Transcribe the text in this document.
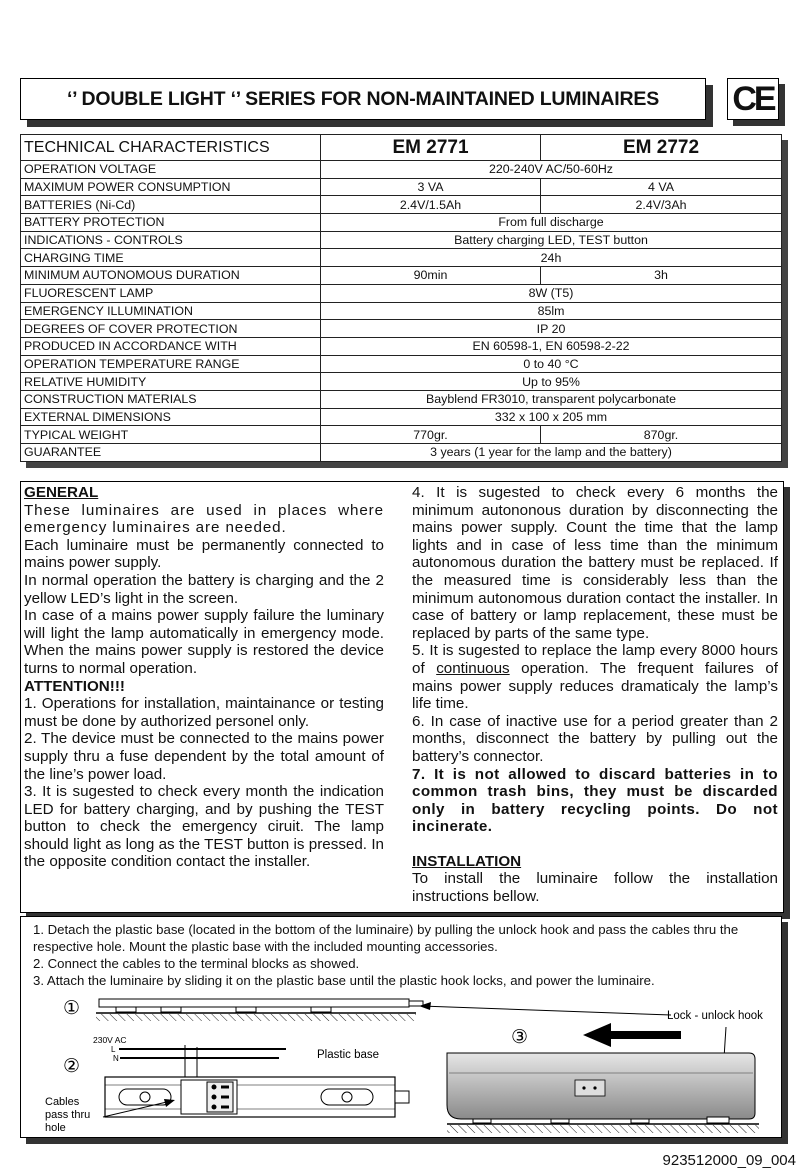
‘’ DOUBLE LIGHT ‘’ SERIES FOR NON-MAINTAINED LUMINAIRES CE
TECHNICAL CHARACTERISTICS	EM 2771	EM 2772
OPERATION VOLTAGE	220-240V AC/50-60Hz	
MAXIMUM POWER CONSUMPTION	3 VA	4 VA
BATTERIES (Ni-Cd)	2.4V/1.5Ah	2.4V/3Ah
BATTERY PROTECTION	From full discharge	
INDICATIONS - CONTROLS	Battery charging LED, TEST button	
CHARGING TIME	24h	
MINIMUM AUTONOMOUS DURATION	90min	3h
FLUORESCENT LAMP	8W (T5)	
EMERGENCY ILLUMINATION	85lm	
DEGREES OF COVER PROTECTION	IP 20	
PRODUCED IN ACCORDANCE WITH	EN 60598-1, EN 60598-2-22	
OPERATION TEMPERATURE RANGE	0 to 40 °C	
RELATIVE HUMIDITY	Up to 95%	
CONSTRUCTION MATERIALS	Bayblend FR3010, transparent polycarbonate	
EXTERNAL DIMENSIONS	332 x 100 x 205 mm	
TYPICAL WEIGHT	770gr.	870gr.
GUARANTEE	3 years (1 year for the lamp and the battery)	

GENERAL

These luminaires are used in places where emergency luminaires are needed.

Each luminaire must be permanently connected to mains power supply.

In normal operation the battery is charging and the 2 yellow LED’s light in the screen.

In case of a mains power supply failure the luminary will light the lamp automatically in emergency mode. When the mains power supply is restored the device turns to normal operation.

ATTENTION!!!

1. Operations for installation, maintainance or testing must be done by authorized personel only.

2. The device must be connected to the mains power supply thru a fuse dependent by the total amount of the line’s power load.

3. It is sugested to check every month the indication LED for battery charging, and by pushing the TEST button to check the emergency ciruit. The lamp should light as long as the TEST button is pressed. In the opposite condition contact the installer.

4. It is sugested to check every 6 months the minimum autononous duration by disconnecting the mains power supply. Count the time that the lamp lights and in case of less time than the minimum autonomous duration the battery must be replaced. If the measured time is considerably less than the minimum autonomous duration contact the installer. In case of battery or lamp replacement, these must be replaced by parts of the same type.

5. It is sugested to replace the lamp every 8000 hours of continuous operation. The frequent failures of mains power supply reduces dramaticaly the lamp’s life time.

6. In case of inactive use for a period greater than 2 months, disconnect the battery by pulling out the battery’s connector.

7. It is not allowed to discard batteries in to common trash bins, they must be discarded only in battery recycling points. Do not incinerate.

INSTALLATION

To install the luminaire follow the installation instructions bellow.

1. Detach the plastic base (located in the bottom of the luminaire) by pulling the unlock hook and pass the cables thru the respective hole. Mount the plastic base with the included mounting accessories.

2. Connect the cables to the terminal blocks as showed.

3. Attach the luminaire by sliding it on the plastic base until the plastic hook locks, and power the luminaire.

①	Lock - unlock hook
③
②
230V AC
L
N	Plastic base
Cables
pass thru
hole
923512000_09_004
